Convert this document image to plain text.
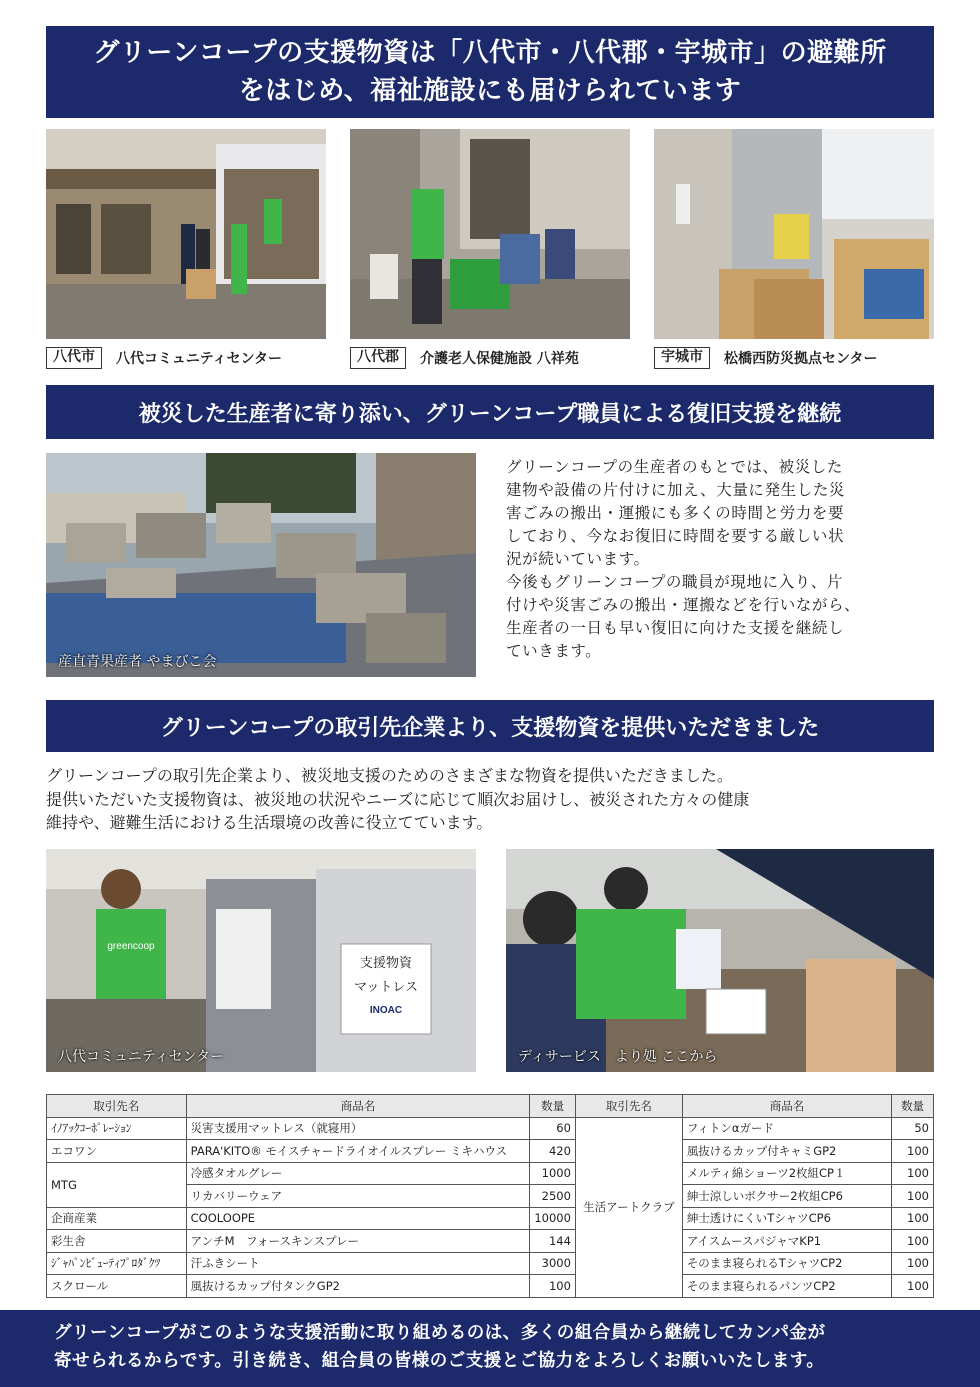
グリーンコープの支援物資は「八代市・八代郡・宇城市」の避難所
をはじめ、福祉施設にも届けられています
八代市	八代コミュニティセンター	八代郡	介護老人保健施設 八祥苑	宇城市	松橋西防災拠点センター
被災した生産者に寄り添い、グリーンコープ職員による復旧支援を継続
産直青果産者 やまびこ会
グリーンコープの生産者のもとでは、被災した
建物や設備の片付けに加え、大量に発生した災
害ごみの搬出・運搬にも多くの時間と労力を要
しており、今なお復旧に時間を要する厳しい状
況が続いています。
今後もグリーンコープの職員が現地に入り、片
付けや災害ごみの搬出・運搬などを行いながら、
生産者の一日も早い復旧に向けた支援を継続し
ていきます。
グリーンコープの取引先企業より、支援物資を提供いただきました
グリーンコープの取引先企業より、被災地支援のためのさまざまな物資を提供いただきました。
提供いただいた支援物資は、被災地の状況やニーズに応じて順次お届けし、被災された方々の健康
維持や、避難生活における生活環境の改善に役立てています。
greencoop
支援物資
マットレス
INOAC
八代コミュニティセンター	ディサービス　より処 ここから
取引先名	商品名	数量	取引先名	商品名	数量
ｲﾉｱｯｸｺｰﾎﾟﾚｰｼｮﾝ	災害支援用マットレス（就寝用）	60	生活アートクラブ	フィトンαガード	50
エコワン	PARA'KITO® モイスチャードライオイルスプレー ミキハウス	420		風抜けるカップ付キャミGP2	100
MTG	冷感タオルグレー	1000		メルティ綿ショーツ2枚組CP１	100
	リカバリーウェア	2500		紳士涼しいボクサー2枚組CP6	100
企商産業	COOLOOPE	10000		紳士透けにくいTシャツCP6	100
彩生舎	アンチM　フォースキンスプレー	144		アイスムースパジャマKP1	100
ｼﾞｬﾊﾟﾝﾋﾞｭｰﾃｨﾌﾟﾛﾀﾞｸﾂ	汗ふきシート	3000		そのまま寝られるTシャツCP2	100
スクロール	風抜けるカップ付タンクGP2	100		そのまま寝られるパンツCP2	100
グリーンコープがこのような支援活動に取り組めるのは、多くの組合員から継続してカンパ金が
寄せられるからです。引き続き、組合員の皆様のご支援とご協力をよろしくお願いいたします。
